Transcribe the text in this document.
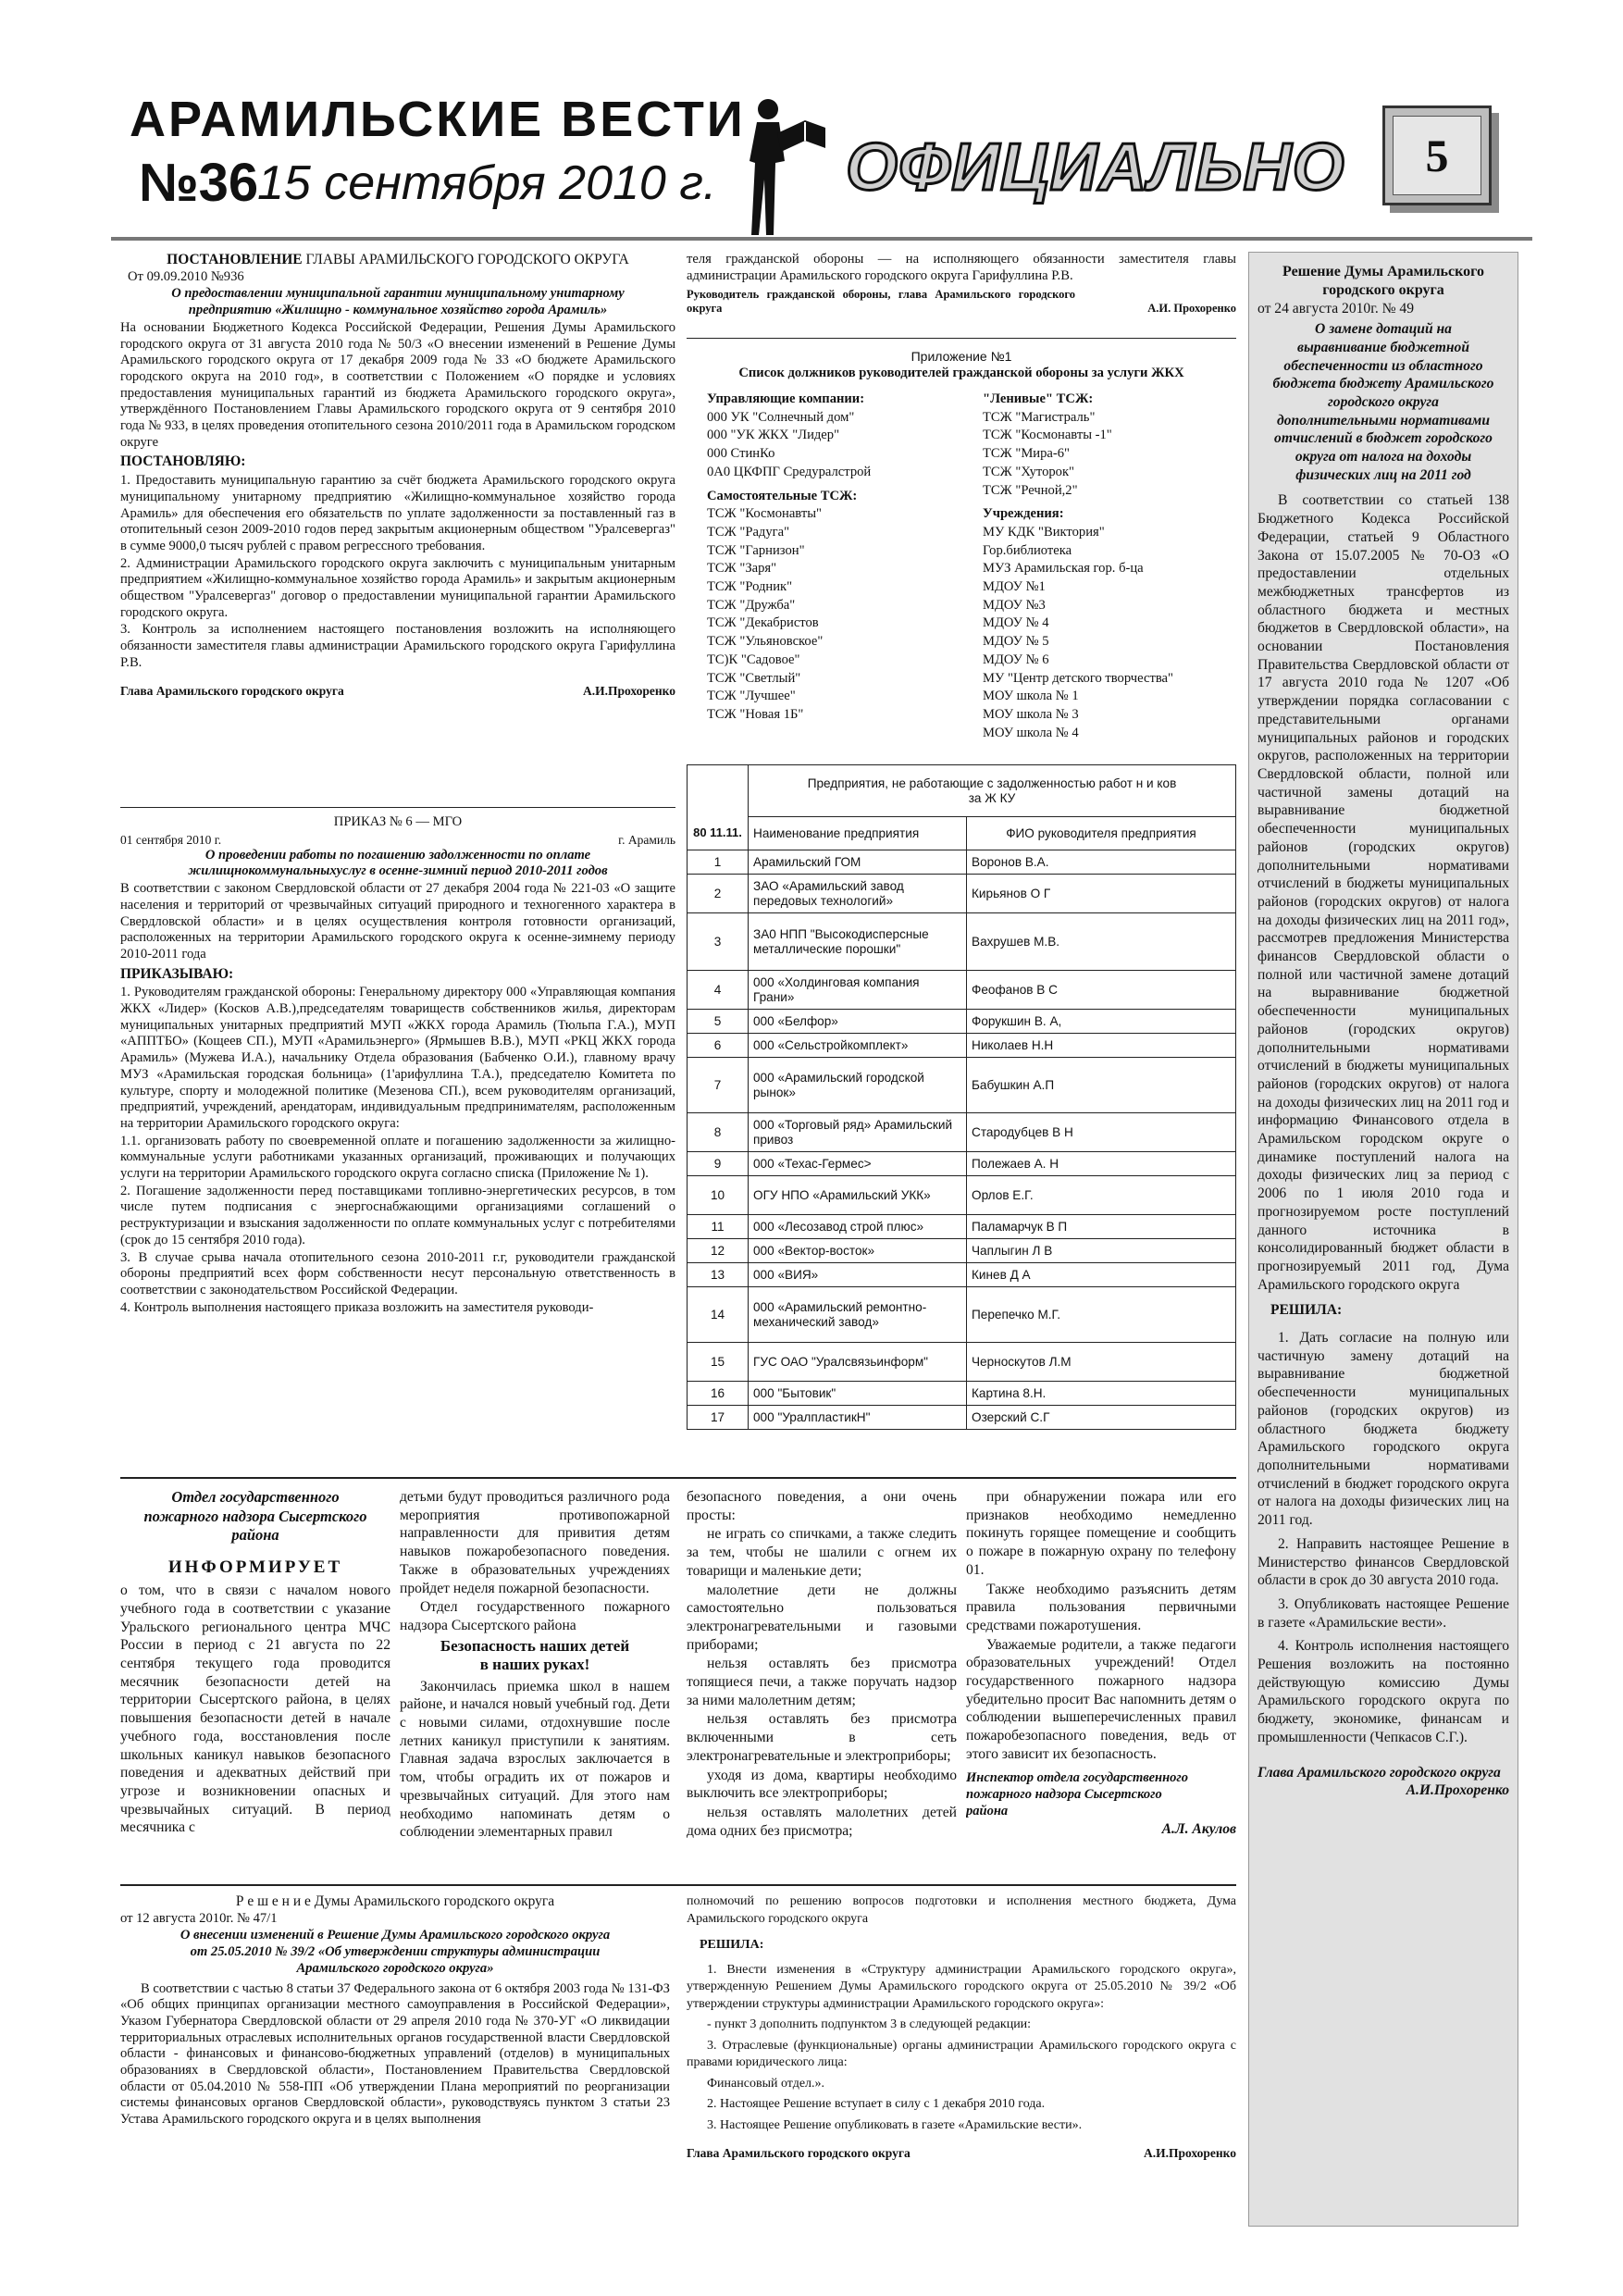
АРАМИЛЬСКИЕ ВЕСТИ
№36
15 сентября 2010 г. ОФИЦИАЛЬНО 5

ПОСТАНОВЛЕНИЕ ГЛАВЫ АРАМИЛЬСКОГО ГОРОДСКОГО ОКРУГА

От 09.09.2010 №936

О предоставлении муниципальной гарантии муниципальному унитарному предприятию «Жилищно - коммунальное хозяйство города Арамиль»

На основании Бюджетного Кодекса Российской Федерации, Решения Думы Арамильского городского округа от 31 августа 2010 года № 50/3 «О внесении изменений в Решение Думы Арамильского городского округа от 17 декабря 2009 года № 33 «О бюджете Арамильского городского округа на 2010 год», в соответствии с Положением «О порядке и условиях предоставления муниципальных гарантий из бюджета Арамильского городского округа», утверждённого Постановлением Главы Арамильского городского округа от 9 сентября 2010 года № 933, в целях проведения отопительного сезона 2010/2011 года в Арамильском городском округе

ПОСТАНОВЛЯЮ:

1. Предоставить муниципальную гарантию за счёт бюджета Арамильского городского округа муниципальному унитарному предприятию «Жилищно-коммунальное хозяйство города Арамиль» для обеспечения его обязательств по уплате задолженности за поставленный газ в отопительный сезон 2009-2010 годов перед закрытым акционерным обществом "Уралсевергаз" в сумме 9000,0 тысяч рублей с правом регрессного требования.

2. Администрации Арамильского городского округа заключить с муниципальным унитарным предприятием «Жилищно-коммунальное хозяйство города Арамиль» и закрытым акционерным обществом "Уралсевергаз" договор о предоставлении муниципальной гарантии Арамильского городского округа.

3. Контроль за исполнением настоящего постановления возложить на исполняющего обязанности заместителя главы администрации Арамильского городского округа Гарифуллина Р.В.

Глава Арамильского городского округа	А.И.Прохоренко

ПРИКАЗ № 6 — МГО

01 сентября 2010 г.	г. Арамиль

О проведении работы по погашению задолженности по оплате жилищнокоммунальныхуслуг в осенне-зимний период 2010-2011 годов

В соответствии с законом Свердловской области от 27 декабря 2004 года № 221-03 «О защите населения и территорий от чрезвычайных ситуаций природного и техногенного характера в Свердловской области» и в целях осуществления контроля готовности организаций, расположенных на территории Арамильского городского округа к осенне-зимнему периоду 2010-2011 года

ПРИКАЗЫВАЮ:

1. Руководителям гражданской обороны: Генеральному директору 000 «Управляющая компания ЖКХ «Лидер» (Косков А.В.),председателям товариществ собственников жилья, директорам муниципальных унитарных предприятий МУП «ЖКХ города Арамиль (Тюльпа Г.А.), МУП «АППТБО» (Кощеев СП.), МУП «Арамильэнерго» (Ярмышев В.В.), МУП «РКЦ ЖКХ города Арамиль» (Мужева И.А.), начальнику Отдела образования (Бабченко О.И.), главному врачу МУЗ «Арамильская городская больница» (1'арифуллина Т.А.), председателю Комитета по культуре, спорту и молодежной политике (Мезенова СП.), всем руководителям организаций, предприятий, учреждений, арендаторам, индивидуальным предпринимателям, расположенным на территории Арамильского городского округа:

1.1. организовать работу по своевременной оплате и погашению задолженности за жилищно-коммунальные услуги работниками указанных организаций, проживающих и получающих услуги на территории Арамильского городского округа согласно списка (Приложение № 1).

2. Погашение задолженности перед поставщиками топливно-энергетических ресурсов, в том числе путем подписания с энергоснабжающими организациями соглашений о реструктуризации и взыскания задолженности по оплате коммунальных услуг с потребителями (срок до 15 сентября 2010 года).

3. В случае срыва начала отопительного сезона 2010-2011 г.г, руководители гражданской обороны предприятий всех форм собственности несут персональную ответственность в соответствии с законодательством Российской Федерации.

4. Контроль выполнения настоящего приказа возложить на заместителя руководи-

теля гражданской обороны — на исполняющего обязанности заместителя главы администрации Арамильского городского округа Гарифуллина Р.В.

Руководитель гражданской обороны, глава Арамильского городского округа	А.И. Прохоренко

Приложение №1

Список должников руководителей гражданской обороны за услуги ЖКХ

Управляющие компании:
000 УК "Солнечный дом"
000 "УК ЖКХ "Лидер"
000 СтинКо
0А0 ЦКФПГ Средуралстрой
Самостоятельные ТСЖ:
ТСЖ "Космонавты"
ТСЖ "Радуга"
ТСЖ "Гарнизон"
ТСЖ "Заря"
ТСЖ "Родник"
ТСЖ "Дружба"
ТСЖ "Декабристов
ТСЖ "Ульяновское"
ТС)К "Садовое"
ТСЖ "Светлый"
ТСЖ "Лучшее"
ТСЖ "Новая 1Б"
"Ленивые" ТСЖ:
ТСЖ "Магистраль"
ТСЖ "Космонавты -1"
ТСЖ "Мира-6"
ТСЖ "Хуторок"
ТСЖ "Речной,2"
Учреждения:
МУ КДК "Виктория"
Гор.библиотека
МУЗ Арамильская гор. б-ца
МДОУ №1
МДОУ №3
МДОУ № 4
МДОУ № 5
МДОУ № 6
МУ "Центр детского творчества"
МОУ школа № 1
МОУ школа № 3
МОУ школа № 4
	Предприятия, не работающие с задолженностью работ н и ков за Ж КУ	
80 11.11.	Наименование предприятия	ФИО руководителя предприятия
1	Арамильский ГОМ	Воронов В.А.
2	ЗАО «Арамильский завод передовых технологий»	Кирьянов О Г
3	ЗА0 НПП "Высокодисперсные металлические порошки"	Вахрушев М.В.
4	000 «Холдинговая компания Грани»	Феофанов В С
5	000 «Белфор»	Форукшин В. А,
6	000 «Сельстройкомплект»	Николаев Н.Н
7	000 «Арамильский городской рынок»	Бабушкин А.П
8	000 «Торговый ряд» Арамильский привоз	Стародубцев В Н
9	000 «Техас-Гермес>	Полежаев А. Н
10	ОГУ НПО «Арамильский УКК»	Орлов Е.Г.
11	000 «Лесозавод строй плюс»	Паламарчук В П
12	000 «Вектор-восток»	Чаплыгин Л В
13	000 «ВИЯ»	Кинев Д А
14	000 «Арамильский ремонтно-механический завод»	Перепечко М.Г.
15	ГУС ОАО "Уралсвязьинформ"	Черноскутов Л.М
16	000 "Бытовик"	Картина 8.Н.
17	000 "УралпластикН"	Озерский С.Г

Решение Думы Арамильского городского округа

от 24 августа 2010г. № 49

О замене дотаций на выравнивание бюджетной обеспеченности из областного бюджета бюджету Арамильского городского округа дополнительными нормативами отчислений в бюджет городского округа от налога на доходы физических лиц на 2011 год

В соответствии со статьей 138 Бюджетного Кодекса Российской Федерации, статьей 9 Областного Закона от 15.07.2005 № 70-ОЗ «О предоставлении отдельных межбюджетных трансфертов из областного бюджета и местных бюджетов в Свердловской области», на основании Постановления Правительства Свердловской области от 17 августа 2010 года № 1207 «Об утверждении порядка согласовании с представительными органами муниципальных районов и городских округов, расположенных на территории Свердловской области, полной или частичной замены дотаций на выравнивание бюджетной обеспеченности муниципальных районов (городских округов) дополнительными нормативами отчислений в бюджеты муниципальных районов (городских округов) от налога на доходы физических лиц на 2011 год», рассмотрев предложения Министерства финансов Свердловской области о полной или частичной замене дотаций на выравнивание бюджетной обеспеченности муниципальных районов (городских округов) дополнительными нормативами отчислений в бюджеты муниципальных районов (городских округов) от налога на доходы физических лиц на 2011 год и информацию Финансового отдела в Арамильском городском округе о динамике поступлений налога на доходы физических лиц за период с 2006 по 1 июля 2010 года и прогнозируемом росте поступлений данного источника в консолидированный бюджет области в прогнозируемый 2011 год, Дума Арамильского городского округа

РЕШИЛА:

1. Дать согласие на полную или частичную замену дотаций на выравнивание бюджетной обеспеченности муниципальных районов (городских округов) из областного бюджета бюджету Арамильского городского округа дополнительными нормативами отчислений в бюджет городского округа от налога на доходы физических лиц на 2011 год.

2. Направить настоящее Решение в Министерство финансов Свердловской области в срок до 30 августа 2010 года.

3. Опубликовать настоящее Решение в газете «Арамильские вести».

4. Контроль исполнения настоящего Решения возложить на постоянно действующую комиссию Думы Арамильского городского округа по бюджету, экономике, финансам и промышленности (Чепкасов С.Г.).

Глава Арамильского городского округа

А.И.Прохоренко

Отдел государственного пожарного надзора Сысертского района

ИНФОРМИРУЕТ

о том, что в связи с началом нового учебного года в соответствии с указание Уральского регионального центра МЧС России в период с 21 августа по 22 сентября текущего года проводится месячник безопасности детей на территории Сысертского района, в целях повышения безопасности детей в начале учебного года, восстановления после школьных каникул навыков безопасного поведения и адекватных действий при угрозе и возникновении опасных и чрезвычайных ситуаций. В период месячника с

детьми будут проводиться различного рода мероприятия противопожарной направленности для привития детям навыков пожаробезопасного поведения. Также в образовательных учреждениях пройдет неделя пожарной безопасности.

Отдел государственного пожарного надзора Сысертского района

Безопасность наших детей в наших руках!

Закончилась приемка школ в нашем районе, и начался новый учебный год. Дети с новыми силами, отдохнувшие после летних каникул приступили к занятиям. Главная задача взрослых заключается в том, чтобы оградить их от пожаров и чрезвычайных ситуаций. Для этого нам необходимо напоминать детям о соблюдении элементарных правил

безопасного поведения, а они очень просты:

не играть со спичками, а также следить за тем, чтобы не шалили с огнем их товарищи и маленькие дети;

малолетние дети не должны самостоятельно пользоваться электронагревательными и газовыми приборами;

нельзя оставлять без присмотра топящиеся печи, а также поручать надзор за ними малолетним детям;

нельзя оставлять без присмотра включенными в сеть электронагревательные и электроприборы;

уходя из дома, квартиры необходимо выключить все электроприборы;

нельзя оставлять малолетних детей дома одних без присмотра;

при обнаружении пожара или его признаков необходимо немедленно покинуть горящее помещение и сообщить о пожаре в пожарную охрану по телефону 01.

Также необходимо разъяснить детям правила пользования первичными средствами пожаротушения.

Уважаемые родители, а также педагоги образовательных учреждений! Отдел государственного пожарного надзора убедительно просит Вас напомнить детям о соблюдении вышеперечисленных правил пожаробезопасного поведения, ведь от этого зависит их безопасность.

Инспектор отдела государственного пожарного надзора Сысертского района

А.Л. Акулов

Р е ш е н и е Думы Арамильского городского округа

от 12 августа 2010г. № 47/1

О внесении изменений в Решение Думы Арамильского городского округа от 25.05.2010 № 39/2 «Об утверждении структуры администрации Арамильского городского округа»

В соответствии с частью 8 статьи 37 Федерального закона от 6 октября 2003 года № 131-ФЗ «Об общих принципах организации местного самоуправления в Российской Федерации», Указом Губернатора Свердловской области от 29 апреля 2010 года № 370-УГ «О ликвидации территориальных отраслевых исполнительных органов государственной власти Свердловской области - финансовых и финансово-бюджетных управлений (отделов) в муниципальных образованиях в Свердловской области», Постановлением Правительства Свердловской области от 05.04.2010 № 558-ПП «Об утверждении Плана мероприятий по реорганизации системы финансовых органов Свердловской области», руководствуясь пунктом 3 статьи 23 Устава Арамильского городского округа и в целях выполнения

полномочий по решению вопросов подготовки и исполнения местного бюджета, Дума Арамильского городского округа

РЕШИЛА:

1. Внести изменения в «Структуру администрации Арамильского городского округа», утвержденную Решением Думы Арамильского городского округа от 25.05.2010 № 39/2 «Об утверждении структуры администрации Арамильского городского округа»:

- пункт 3 дополнить подпунктом 3 в следующей редакции:

3. Отраслевые (функциональные) органы администрации Арамильского городского округа с правами юридического лица:

Финансовый отдел.».

2. Настоящее Решение вступает в силу с 1 декабря 2010 года.

3. Настоящее Решение опубликовать в газете «Арамильские вести».

Глава Арамильского городского округа	А.И.Прохоренко
